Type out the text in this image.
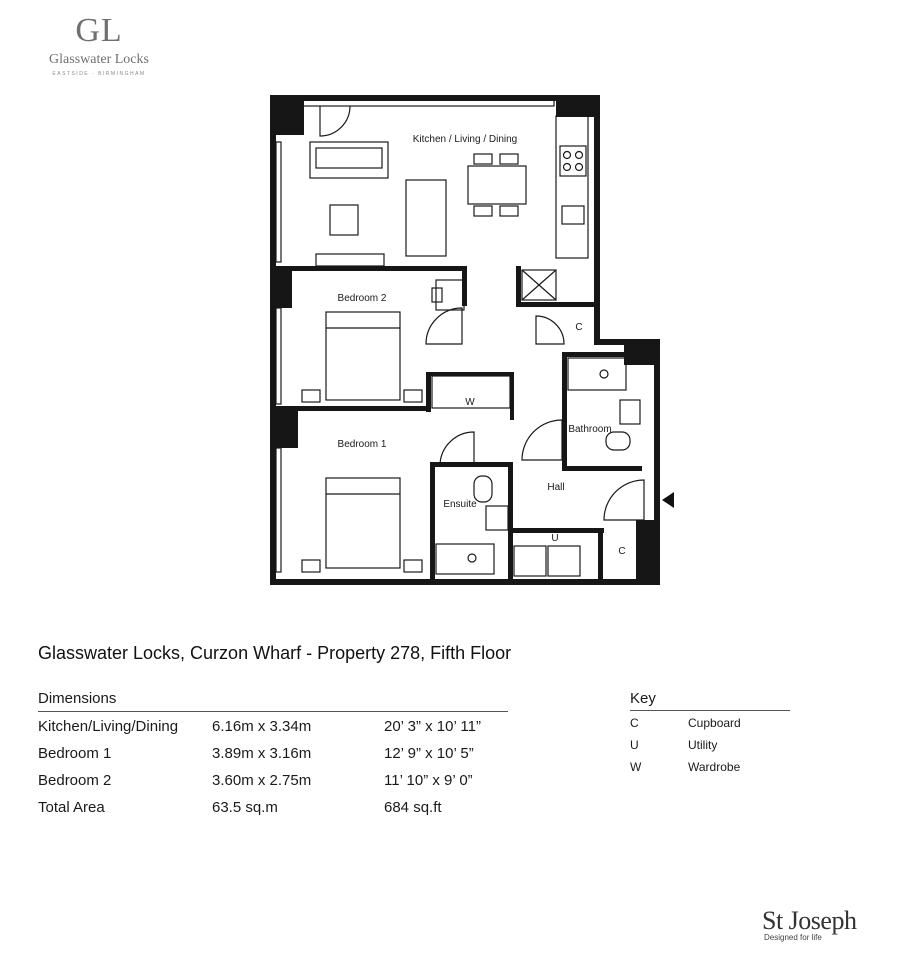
GL
Glasswater Locks
EASTSIDE · BIRMINGHAM
Kitchen / Living / Dining
Bedroom 2
Bedroom 1
Bathroom
Ensuite
Hall
C
C
U
W
Glasswater Locks, Curzon Wharf - Property 278, Fifth Floor
Dimensions
Kitchen/Living/Dining 6.16m x 3.34m	20’ 3” x 10’ 11”
Bedroom 1	3.89m x 3.16m	12’ 9” x 10’ 5”
Bedroom 2	3.60m x 2.75m	11’ 10” x 9’ 0”
Total Area	63.5 sq.m	684 sq.ft
Key
C	Cupboard
U	Utility
W	Wardrobe
St Joseph
Designed for life
